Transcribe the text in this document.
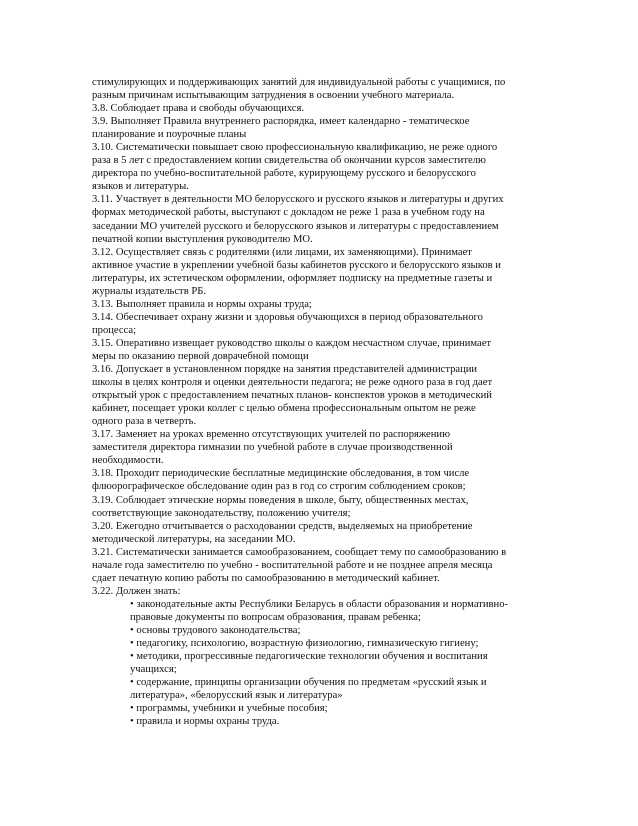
стимулирующих и поддерживающих занятий для индивидуальной работы с учащимися, по
разным причинам испытывающим затруднения в освоении учебного материала.
3.8. Соблюдает права и свободы обучающихся.
3.9. Выполняет Правила внутреннего распорядка, имеет календарно - тематическое
планирование и поурочные планы
3.10. Систематически повышает свою профессиональную квалификацию, не реже одного
раза в 5 лет с предоставлением копии свидетельства об окончании курсов заместителю
директора по учебно-воспитательной работе, курирующему русского и белорусского
языков и литературы.
3.11. Участвует в деятельности МО белорусского и русского языков и литературы и других
формах методической работы, выступают с докладом не реже 1 раза в учебном году на
заседании МО учителей русского и белорусского языков и литературы с предоставлением
печатной копии выступления руководителю МО.
3.12. Осуществляет связь с родителями (или лицами, их заменяющими). Принимает
активное участие в укреплении учебной базы кабинетов русского и белорусского языков и
литературы, их эстетическом оформлении, оформляет подписку на предметные газеты и
журналы издательств РБ.
3.13. Выполняет правила и нормы охраны труда;
3.14. Обеспечивает охрану жизни и здоровья обучающихся в период образовательного
процесса;
3.15. Оперативно извещает руководство школы о каждом несчастном случае, принимает
меры по оказанию первой доврачебной помощи
3.16. Допускает в установленном порядке на занятия представителей администрации
школы в целях контроля и оценки деятельности педагога; не реже одного раза в год дает
открытый урок с предоставлением печатных планов- конспектов уроков в методический
кабинет, посещает уроки коллег с целью обмена профессиональным опытом не реже
одного раза в четверть.
3.17. Заменяет на уроках временно отсутствующих учителей по распоряжению
заместителя директора гимназии по учебной работе в случае производственной
необходимости.
3.18. Проходит периодические бесплатные медицинские обследования, в том числе
флюорографическое обследование один раз в год со строгим соблюдением сроков;
3.19. Соблюдает этические нормы поведения в школе, быту, общественных местах,
соответствующие законодательству, положению учителя;
3.20. Ежегодно отчитывается о расходовании средств, выделяемых на приобретение
методической литературы, на заседании МО.
3.21. Систематически занимается самообразованием, сообщает тему по самообразованию в
начале года заместителю по учебно - воспитательной работе и не позднее апреля месяца
сдает печатную копию работы по самообразованию в методический кабинет.
3.22. Должен знать:
• законодательные акты Республики Беларусь в области образования и нормативно-
правовые документы по вопросам образования, правам ребенка;
• основы трудового законодательства;
• педагогику, психологию, возрастную физиологию, гимназическую гигиену;
• методики, прогрессивные педагогические технологии обучения и воспитания
учащихся;
• содержание, принципы организации обучения по предметам «русский язык и
литература», «белорусский язык и литература»
• программы, учебники и учебные пособия;
• правила и нормы охраны труда.
